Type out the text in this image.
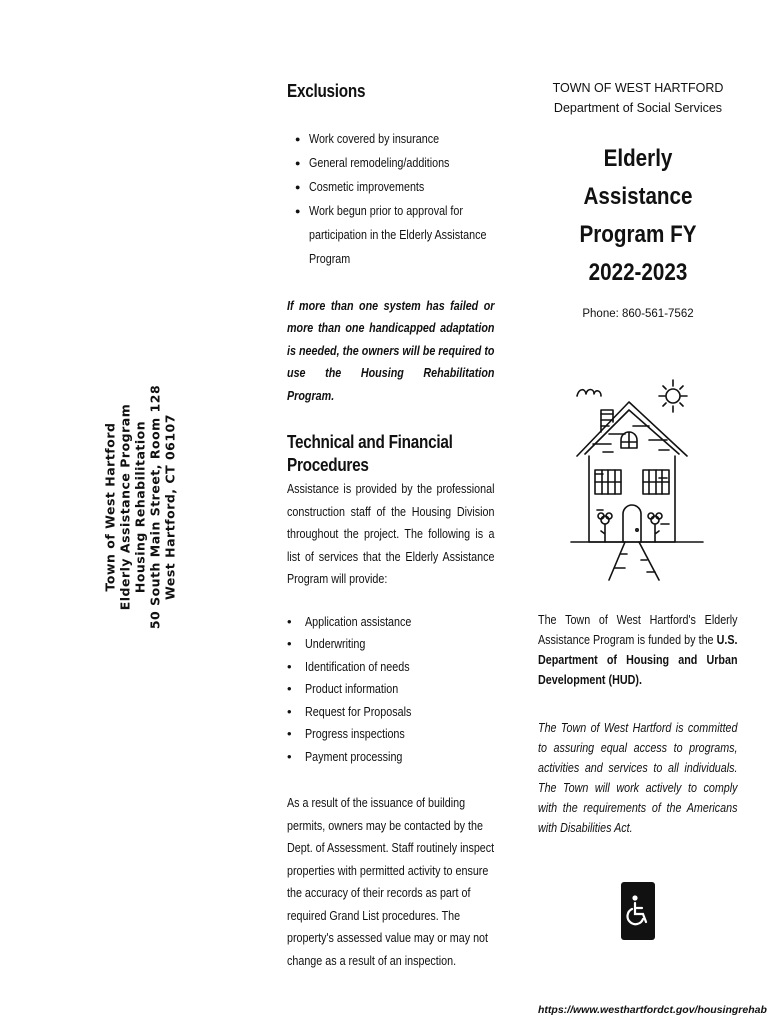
Town of West Hartford Elderly Assistance Program Housing Rehabilitation 50 South Main Street, Room 128 West Hartford, CT 06107
Exclusions
● Work covered by insurance
● General remodeling/additions
● Cosmetic improvements
● Work begun prior to approval for participation in the Elderly Assistance Program

If more than one system has failed or more than one handicapped adaptation is needed, the owners will be required to use the Housing Rehabilitation Program.

Technical and Financial Procedures

Assistance is provided by the professional construction staff of the Housing Division throughout the project. The following is a list of services that the Elderly Assistance Program will provide:

• Application assistance
• Underwriting
• Identification of needs
• Product information
• Request for Proposals
• Progress inspections
• Payment processing

As a result of the issuance of building permits, owners may be contacted by the Dept. of Assessment. Staff routinely inspect properties with permitted activity to ensure the accuracy of their records as part of required Grand List procedures. The property's assessed value may or may not change as a result of an inspection.

TOWN OF WEST HARTFORD
Department of Social Services
Elderly
Assistance
Program FY 2022-2023
Phone: 860-561-7562

The Town of West Hartford's Elderly Assistance Program is funded by the U.S. Department of Housing and Urban Development (HUD).

The Town of West Hartford is committed to assuring equal access to programs, activities and services to all individuals. The Town will work actively to comply with the requirements of the Americans with Disabilities Act.

https://www.westhartfordct.gov/housingrehab
